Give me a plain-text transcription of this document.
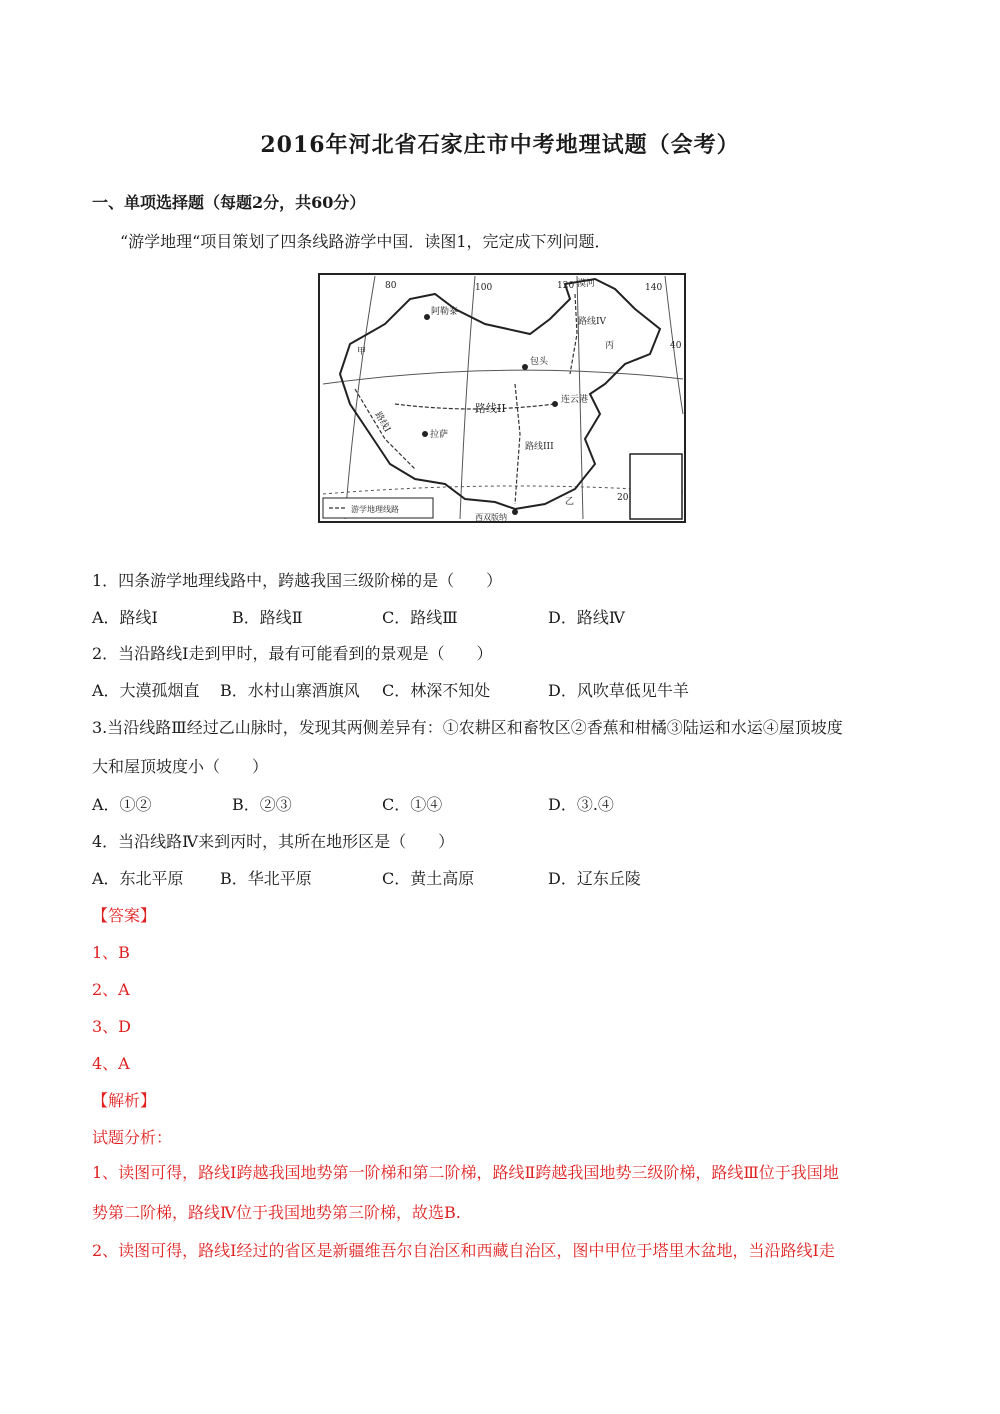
2016年河北省石家庄市中考地理试题（会考）
一、单项选择题（每题2分，共60分）
“游学地理“项目策划了四条线路游学中国．读图1，完定成下列问题．
80	100	120	140
40
20
阿勒泰
漠河
包头
连云港
拉萨
甲
乙
丙
路线I
路线II
路线III
路线IV
游学地理线路
西双版纳
1．四条游学地理线路中，跨越我国三级阶梯的是（　　）
A．路线Ⅰ	B．路线Ⅱ	C．路线Ⅲ	D．路线Ⅳ
2．当沿路线Ⅰ走到甲时，最有可能看到的景观是（　　）
A．大漠孤烟直 B．水村山寨酒旗风 C．林深不知处	D．风吹草低见牛羊
3.当沿线路Ⅲ经过乙山脉时，发现其两侧差异有：①农耕区和畜牧区②香蕉和柑橘③陆运和水运④屋顶坡度
大和屋顶坡度小（　　）
A．①②	B．②③	C．①④	D．③.④
4．当沿线路Ⅳ来到丙时，其所在地形区是（　　）
A．东北平原 B．华北平原	C．黄土高原	D．辽东丘陵
【答案】
1、B
2、A
3、D
4、A
【解析】
试题分析：
1、读图可得，路线Ⅰ跨越我国地势第一阶梯和第二阶梯，路线Ⅱ跨越我国地势三级阶梯，路线Ⅲ位于我国地
势第二阶梯，路线Ⅳ位于我国地势第三阶梯，故选B.
2、读图可得，路线Ⅰ经过的省区是新疆维吾尔自治区和西藏自治区，图中甲位于塔里木盆地，当沿路线Ⅰ走
